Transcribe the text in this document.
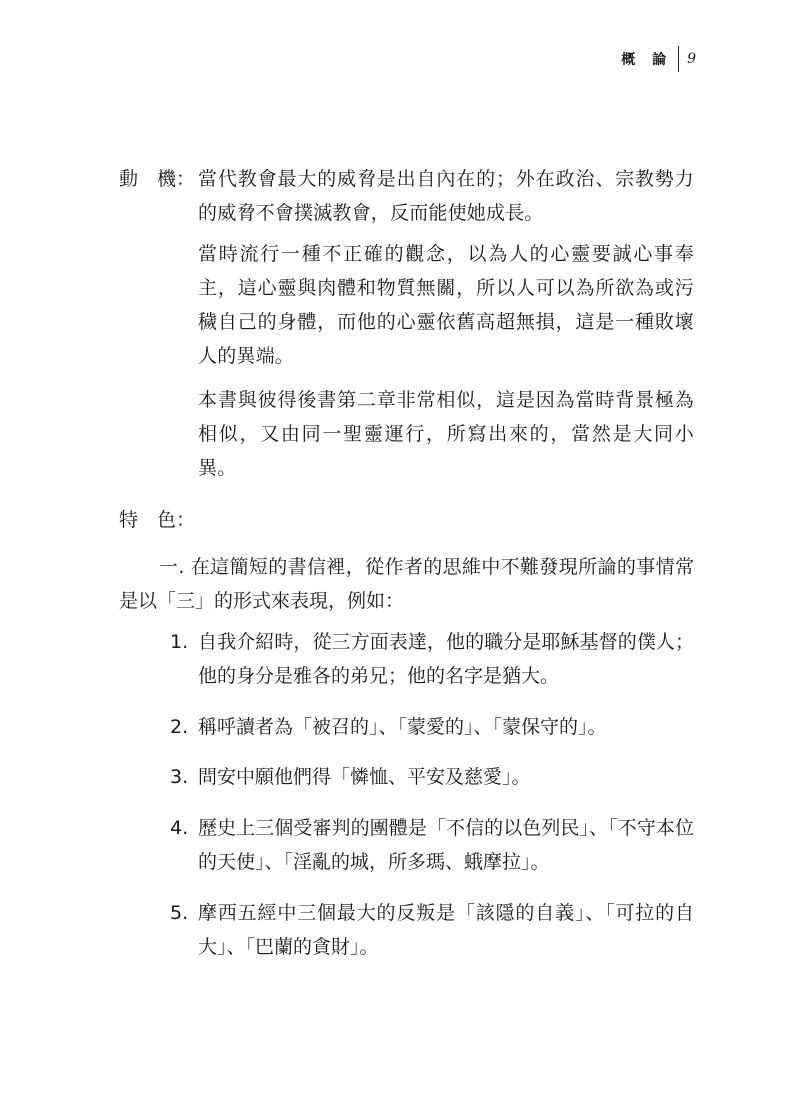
概 論 9
動　機： 當代教會最大的威脅是出自內在的；外在政治、宗教勢力的威脅不會撲滅教會，反而能使她成長。

當時流行一種不正確的觀念，以為人的心靈要誠心事奉主，這心靈與肉體和物質無關，所以人可以為所欲為或污穢自己的身體，而他的心靈依舊高超無損，這是一種敗壞人的異端。

本書與彼得後書第二章非常相似，這是因為當時背景極為相似，又由同一聖靈運行，所寫出來的，當然是大同小異。

特　色：

一. 在這簡短的書信裡，從作者的思維中不難發現所論的事情常是以「三」的形式來表現，例如：

1. 自我介紹時，從三方面表達，他的職分是耶穌基督的僕人；他的身分是雅各的弟兄；他的名字是猶大。

2. 稱呼讀者為「被召的」、「蒙愛的」、「蒙保守的」。

3. 問安中願他們得「憐恤、平安及慈愛」。

4. 歷史上三個受審判的團體是「不信的以色列民」、「不守本位的天使」、「淫亂的城，所多瑪、蛾摩拉」。

5. 摩西五經中三個最大的反叛是「該隱的自義」、「可拉的自大」、「巴蘭的貪財」。
